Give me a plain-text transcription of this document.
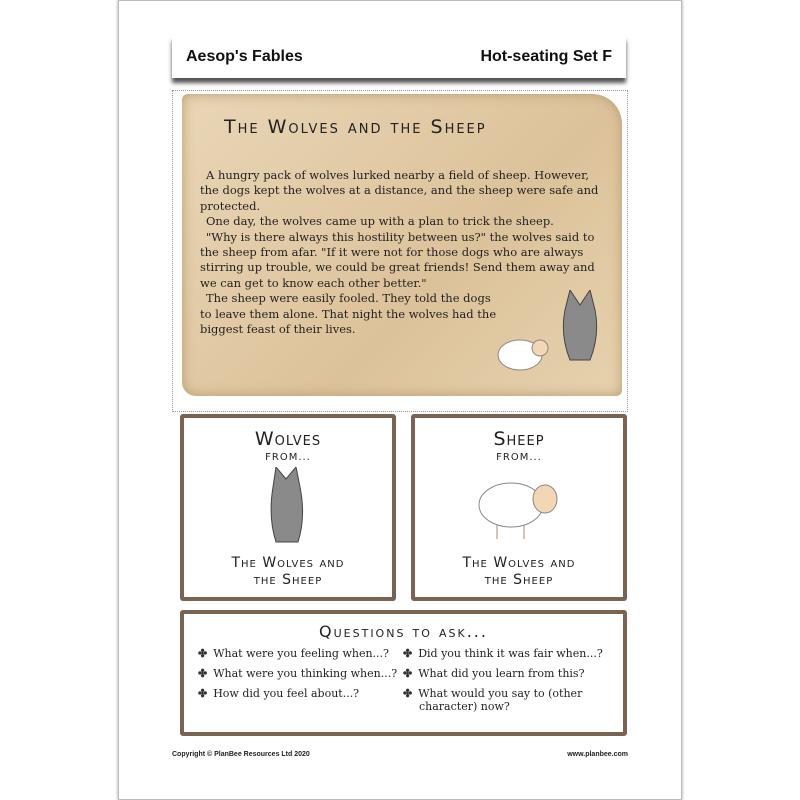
Aesop's Fables	Hot-seating Set F
The Wolves and the Sheep

A hungry pack of wolves lurked nearby a field of sheep. However, the dogs kept the wolves at a distance, and the sheep were safe and protected.

One day, the wolves came up with a plan to trick the sheep.

"Why is there always this hostility between us?" the wolves said to the sheep from afar. "If it were not for those dogs who are always stirring up trouble, we could be great friends! Send them away and we can get to know each other better."

The sheep were easily fooled. They told the dogs to leave them alone. That night the wolves had the biggest feast of their lives.

Wolves
FROM...
The Wolves and
the Sheep
Sheep
FROM...
The Wolves and
the Sheep
Questions to ask...
✤ What were you feeling when...?
✤ What were you thinking when...?
✤ How did you feel about...?
✤ Did you think it was fair when...?
✤ What did you learn from this?
✤ What would you say to (other character) now?
Copyright © PlanBee Resources Ltd 2020	www.planbee.com
